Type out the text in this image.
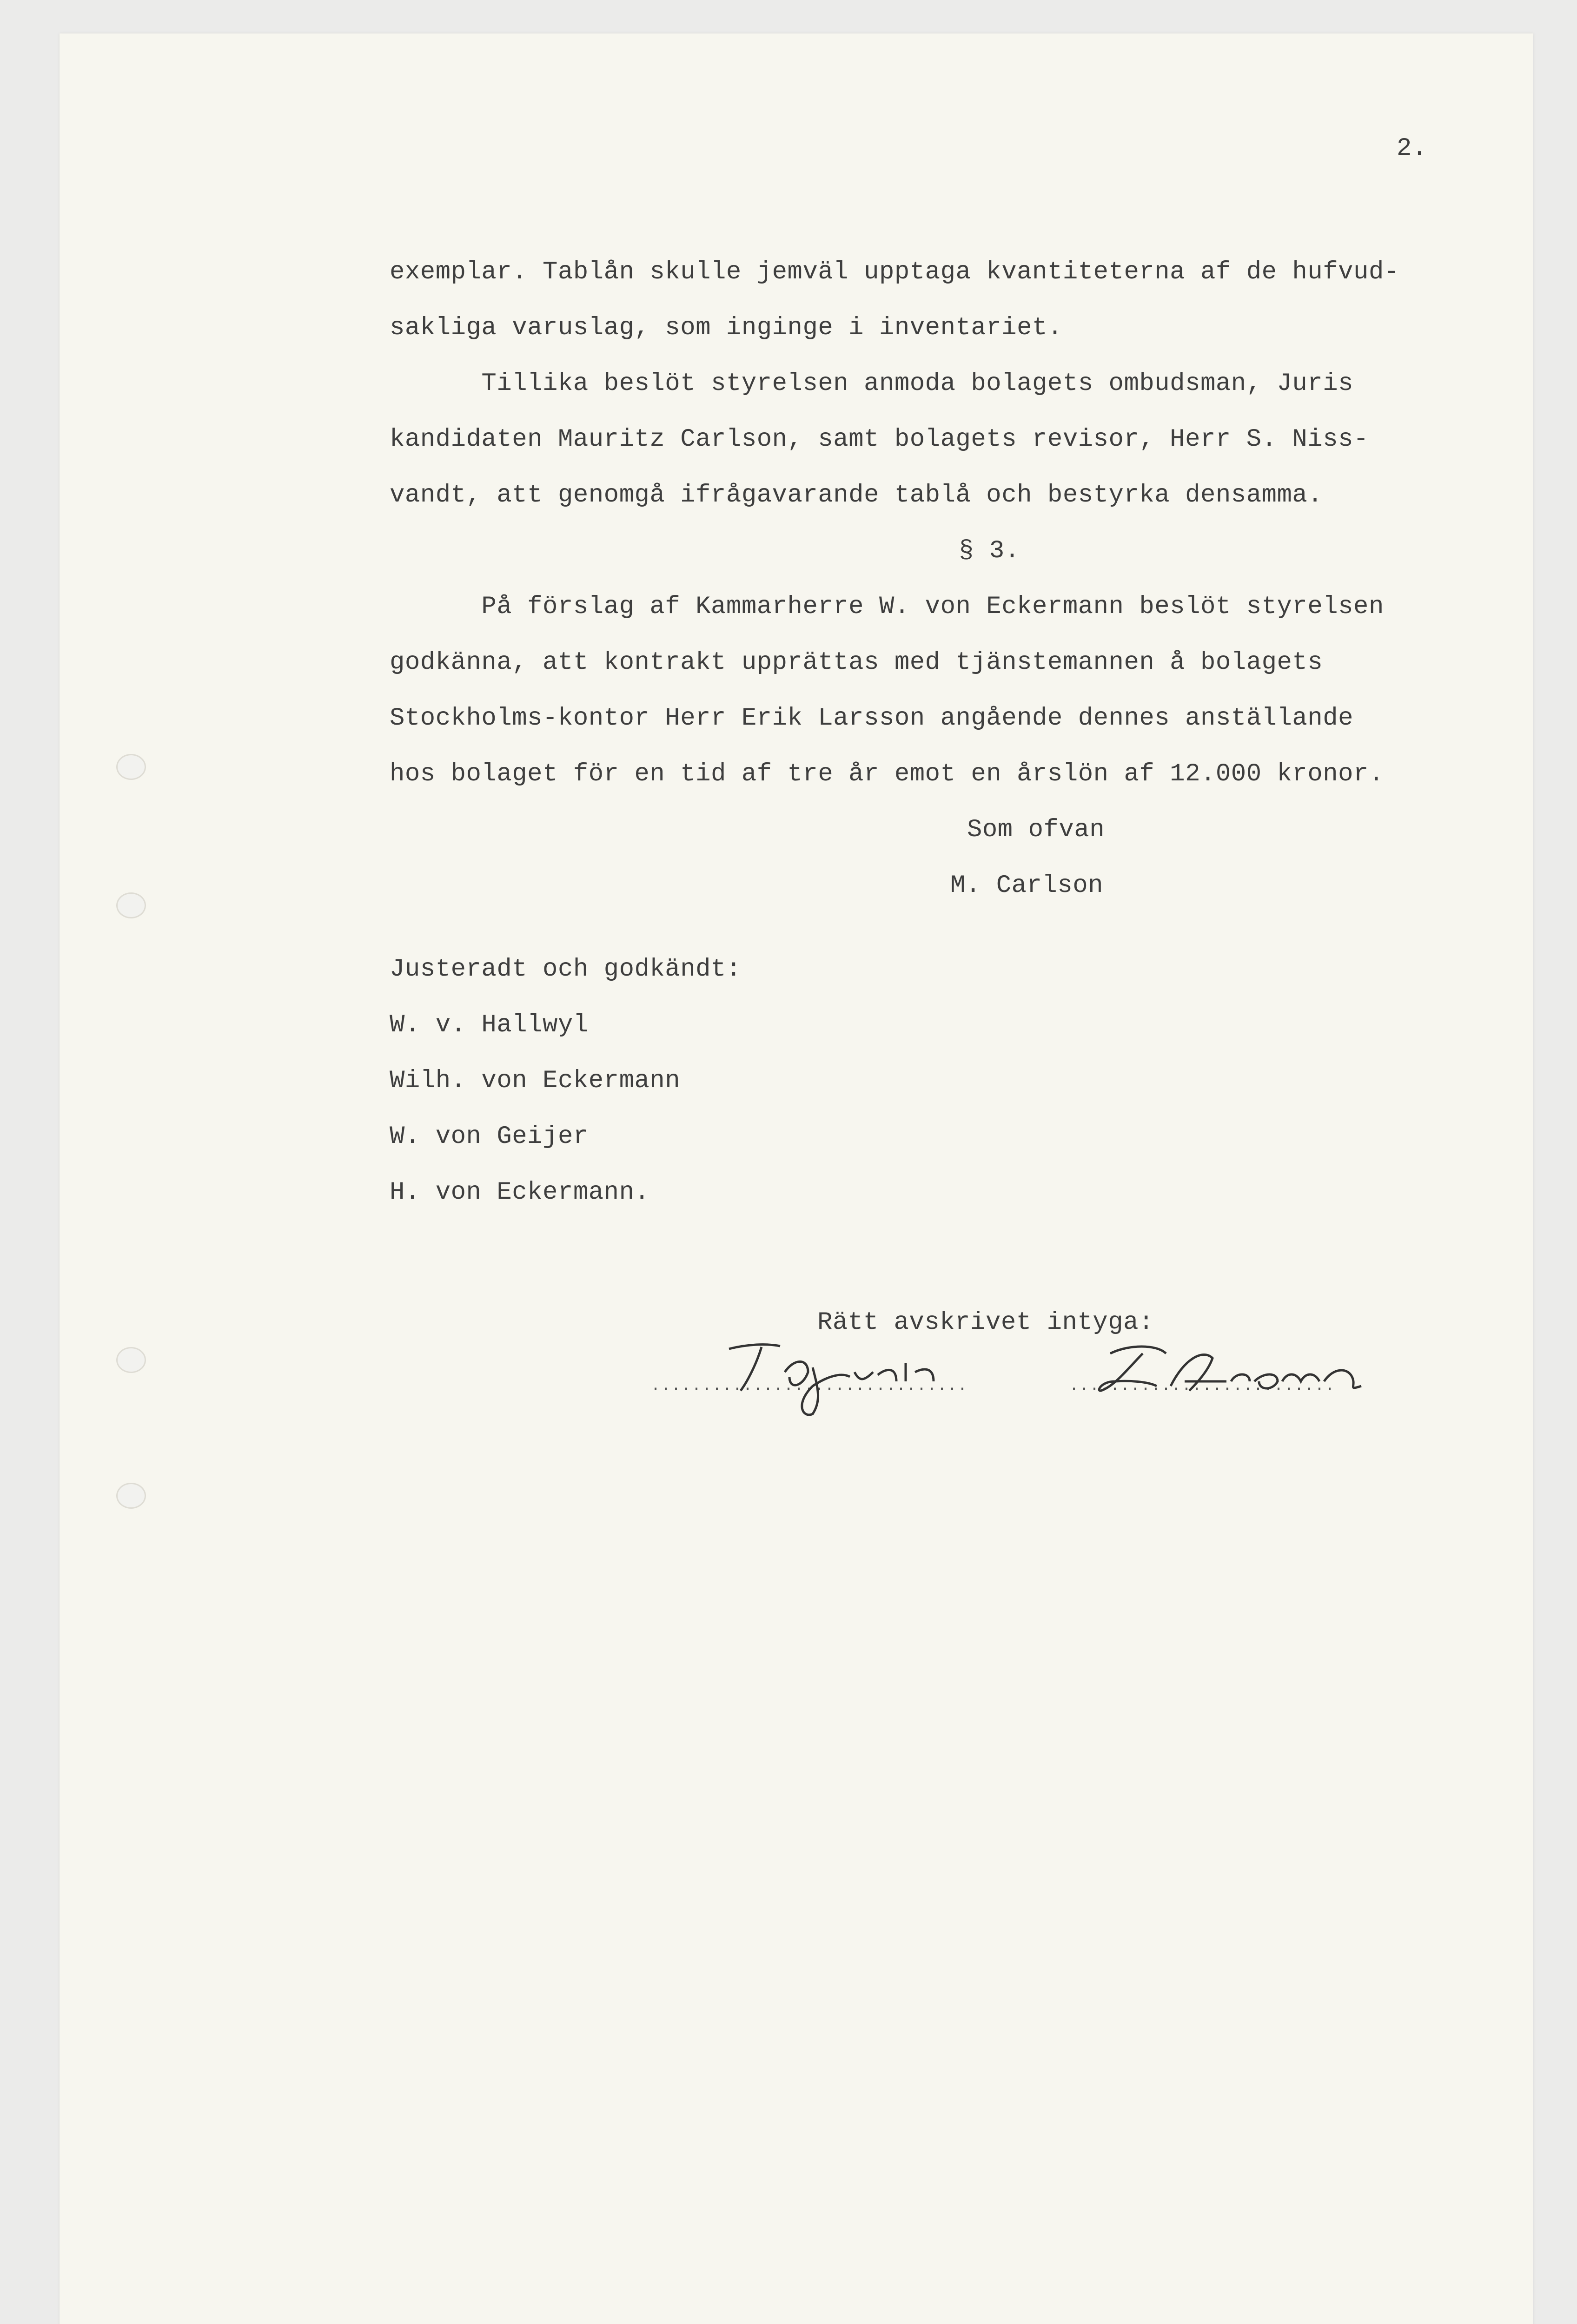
2.
exemplar. Tablån skulle jemväl upptaga kvantiteterna af de hufvud-
sakliga varuslag, som inginge i inventariet.
Tillika beslöt styrelsen anmoda bolagets ombudsman, Juris
kandidaten Mauritz Carlson, samt bolagets revisor, Herr S. Niss-
vandt, att genomgå ifrågavarande tablå och bestyrka densamma.
§ 3.
På förslag af Kammarherre W. von Eckermann beslöt styrelsen
godkänna, att kontrakt upprättas med tjänstemannen å bolagets
Stockholms-kontor Herr Erik Larsson angående dennes anställande
hos bolaget för en tid af tre år emot en årslön af 12.000 kronor.
Som ofvan
M. Carlson
Justeradt och godkändt:
W. v. Hallwyl
Wilh. von Eckermann
W. von Geijer
H. von Eckermann.
Rätt avskrivet intyga:
T.Agnér	G.Aroms
